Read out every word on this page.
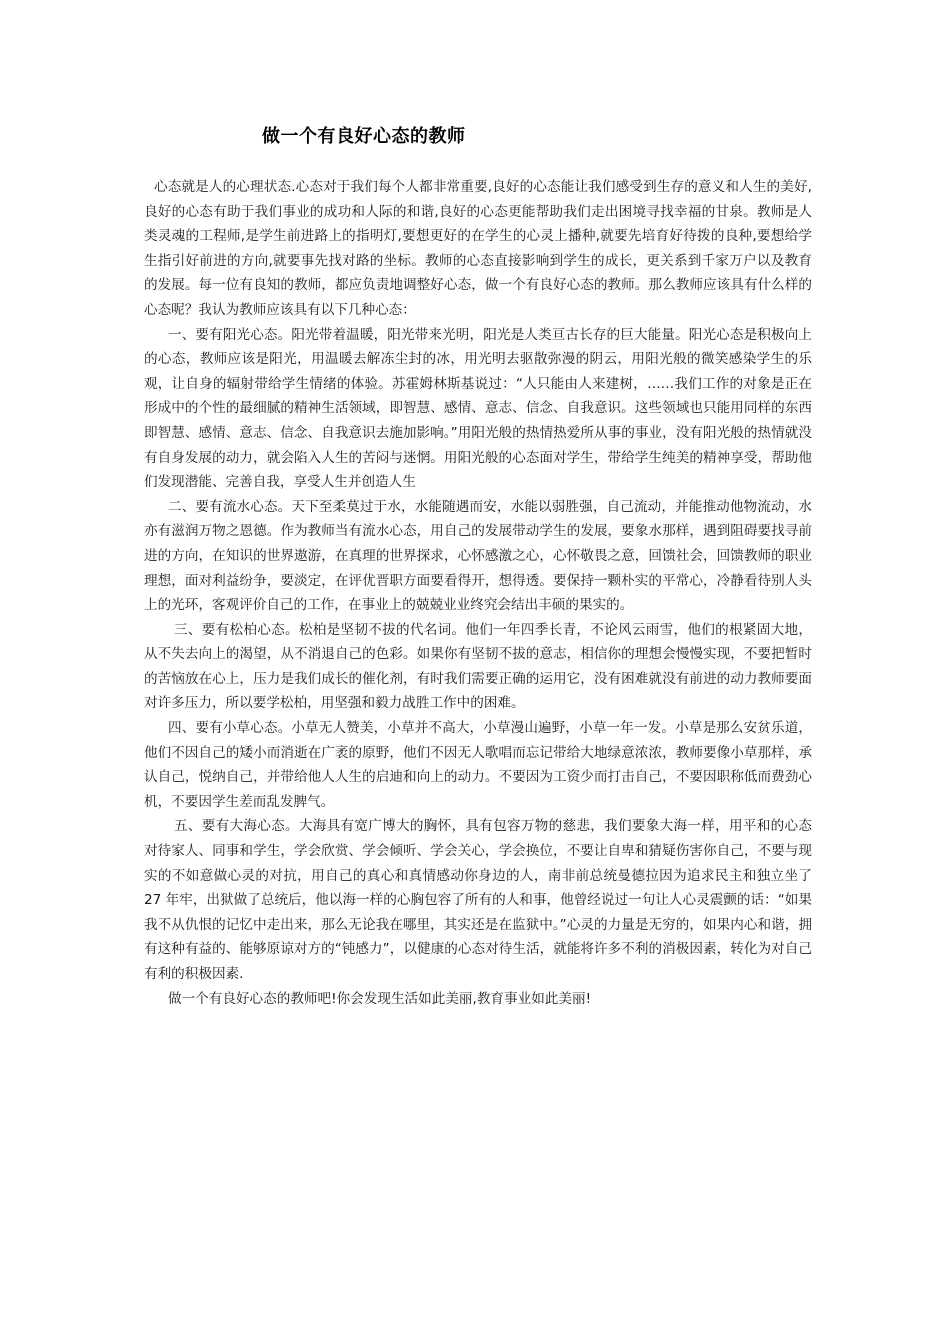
做一个有良好心态的教师

心态就是人的心理状态.心态对于我们每个人都非常重要,良好的心态能让我们感受到生存的意义和人生的美好,良好的心态有助于我们事业的成功和人际的和谐,良好的心态更能帮助我们走出困境寻找幸福的甘泉。教师是人类灵魂的工程师,是学生前进路上的指明灯,要想更好的在学生的心灵上播种,就要先培育好待拨的良种,要想给学生指引好前进的方向,就要事先找对路的坐标。教师的心态直接影响到学生的成长，更关系到千家万户以及教育的发展。每一位有良知的教师，都应负责地调整好心态，做一个有良好心态的教师。那么教师应该具有什么样的心态呢？我认为教师应该具有以下几种心态：

一、要有阳光心态。阳光带着温暖，阳光带来光明，阳光是人类亘古长存的巨大能量。阳光心态是积极向上的心态，教师应该是阳光，用温暖去解冻尘封的冰，用光明去驱散弥漫的阴云，用阳光般的微笑感染学生的乐观，让自身的辐射带给学生情绪的体验。苏霍姆林斯基说过：“人只能由人来建树，……我们工作的对象是正在形成中的个性的最细腻的精神生活领域，即智慧、感情、意志、信念、自我意识。这些领域也只能用同样的东西即智慧、感情、意志、信念、自我意识去施加影响。”用阳光般的热情热爱所从事的事业，没有阳光般的热情就没有自身发展的动力，就会陷入人生的苦闷与迷惘。用阳光般的心态面对学生，带给学生纯美的精神享受，帮助他们发现潜能、完善自我，享受人生并创造人生

二、要有流水心态。天下至柔莫过于水，水能随遇而安，水能以弱胜强，自己流动，并能推动他物流动，水亦有滋润万物之恩德。作为教师当有流水心态，用自己的发展带动学生的发展，要象水那样，遇到阻碍要找寻前进的方向，在知识的世界遨游，在真理的世界探求，心怀感激之心，心怀敬畏之意，回馈社会，回馈教师的职业理想，面对利益纷争，要淡定，在评优晋职方面要看得开，想得透。要保持一颗朴实的平常心，冷静看待别人头上的光环，客观评价自己的工作，在事业上的兢兢业业终究会结出丰硕的果实的。

三、要有松柏心态。松柏是坚韧不拔的代名词。他们一年四季长青，不论风云雨雪，他们的根紧固大地，从不失去向上的渴望，从不消退自己的色彩。如果你有坚韧不拔的意志，相信你的理想会慢慢实现，不要把暂时的苦恼放在心上，压力是我们成长的催化剂，有时我们需要正确的运用它，没有困难就没有前进的动力教师要面对许多压力，所以要学松柏，用坚强和毅力战胜工作中的困难。

四、要有小草心态。小草无人赞美，小草并不高大，小草漫山遍野，小草一年一发。小草是那么安贫乐道，他们不因自己的矮小而消逝在广袤的原野，他们不因无人歌唱而忘记带给大地绿意浓浓，教师要像小草那样，承认自己，悦纳自己，并带给他人人生的启迪和向上的动力。不要因为工资少而打击自己，不要因职称低而费劲心机，不要因学生差而乱发脾气。

五、要有大海心态。大海具有宽广博大的胸怀，具有包容万物的慈悲，我们要象大海一样，用平和的心态对待家人、同事和学生，学会欣赏、学会倾听、学会关心，学会换位，不要让自卑和猜疑伤害你自己，不要与现实的不如意做心灵的对抗，用自己的真心和真情感动你身边的人，南非前总统曼德拉因为追求民主和独立坐了 27 年牢，出狱做了总统后，他以海一样的心胸包容了所有的人和事，他曾经说过一句让人心灵震颤的话：“如果我不从仇恨的记忆中走出来，那么无论我在哪里，其实还是在监狱中。”心灵的力量是无穷的，如果内心和谐，拥有这种有益的、能够原谅对方的“钝感力”，以健康的心态对待生活，就能将许多不利的消极因素，转化为对自己有利的积极因素.

做一个有良好心态的教师吧!你会发现生活如此美丽,教育事业如此美丽!
